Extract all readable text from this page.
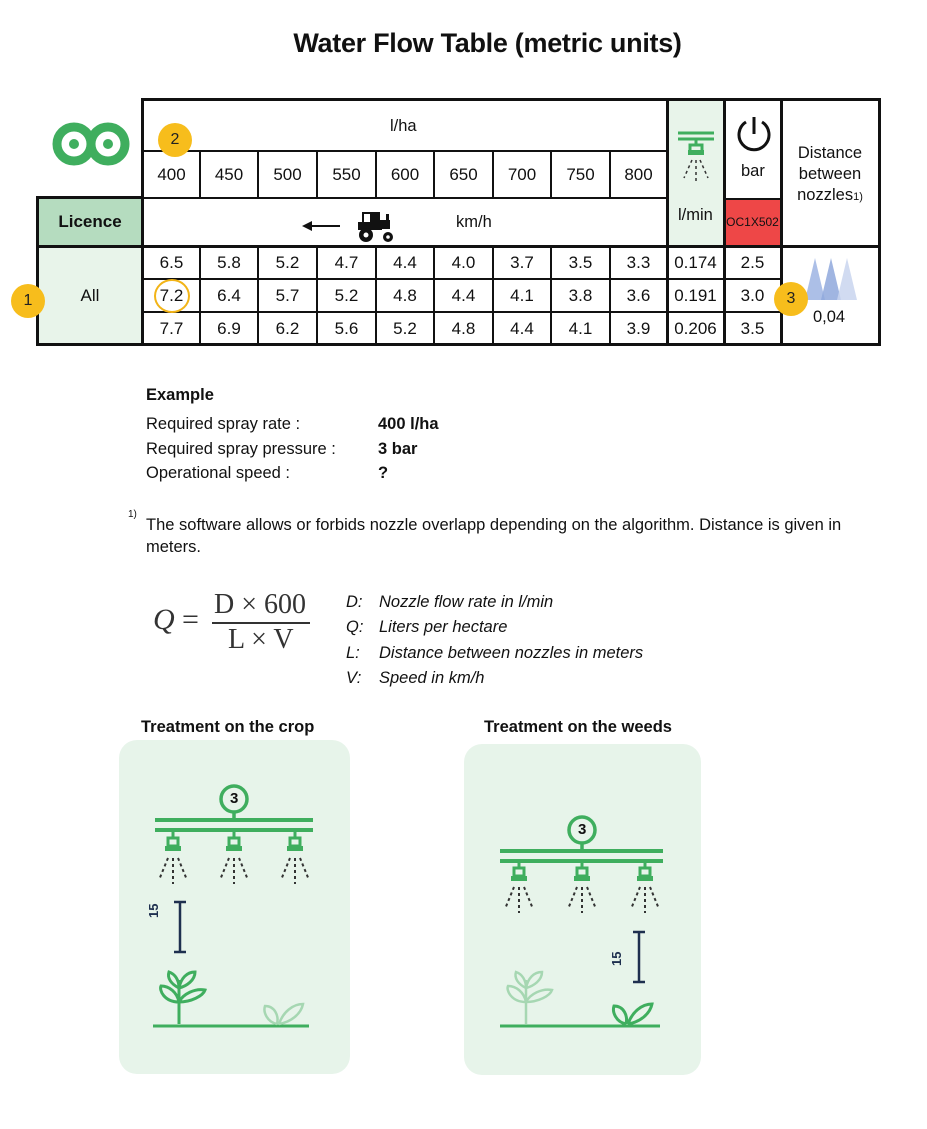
Water Flow Table (metric units)
Licence
All
OC1X502
l/ha
km/h	l/min
bar
Distance between nozzles1)
0,04
400	450	500	550	600	650	700	750	800
6.5	5.8	5.2	4.7	4.4	4.0	3.7	3.5	3.3	0.174	2.5
7.2	6.4	5.7	5.2	4.8	4.4	4.1	3.8	3.6	0.191	3.0
7.7	6.9	6.2	5.6	5.2	4.8	4.4	4.1	3.9	0.206	3.5
1
2
3
Example
Required spray rate :	400 l/ha
Required spray pressure :	3 bar
Operational speed :	?
1)
The software allows or forbids nozzle overlapp depending on the algorithm. Distance is given in
meters.
Q = D × 600
L × V
D: Nozzle flow rate in l/min
Q: Liters per hectare
L: Distance between nozzles in meters
V: Speed in km/h
Treatment on the crop	Treatment on the weeds
15
3
15
3
